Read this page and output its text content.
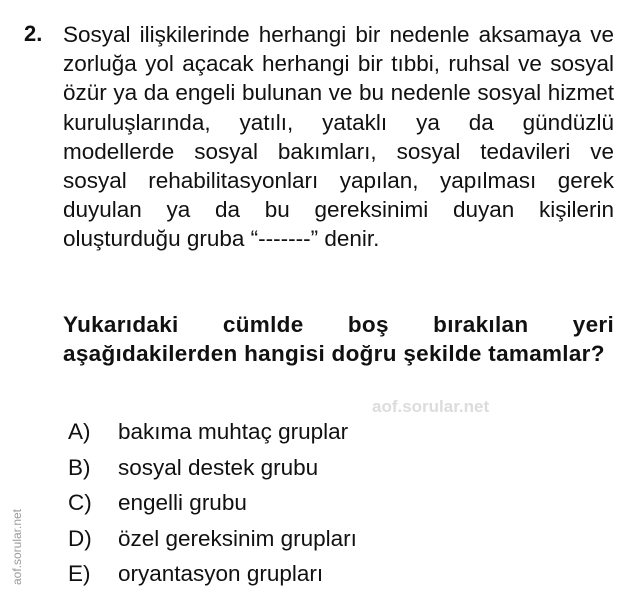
2. Sosyal ilişkilerinde herhangi bir nedenle aksamaya ve zorluğa yol açacak herhangi bir tıbbi, ruhsal ve sosyal özür ya da engeli bulunan ve bu nedenle sosyal hizmet kuruluşlarında, yatılı, yataklı ya da gündüzlü modellerde sosyal bakımları, sosyal tedavileri ve sosyal rehabilitasyonları yapılan, yapılması gerek duyulan ya da bu gereksinimi duyan kişilerin oluşturduğu gruba “-------” denir.
Yukarıdaki cümlde boş bırakılan yeri aşağıdakilerden hangisi doğru şekilde tamamlar?
aof.sorular.net
aof.sorular.net
A)	bakıma muhtaç gruplar
B)	sosyal destek grubu
C)	engelli grubu
D)	özel gereksinim grupları
E)	oryantasyon grupları
